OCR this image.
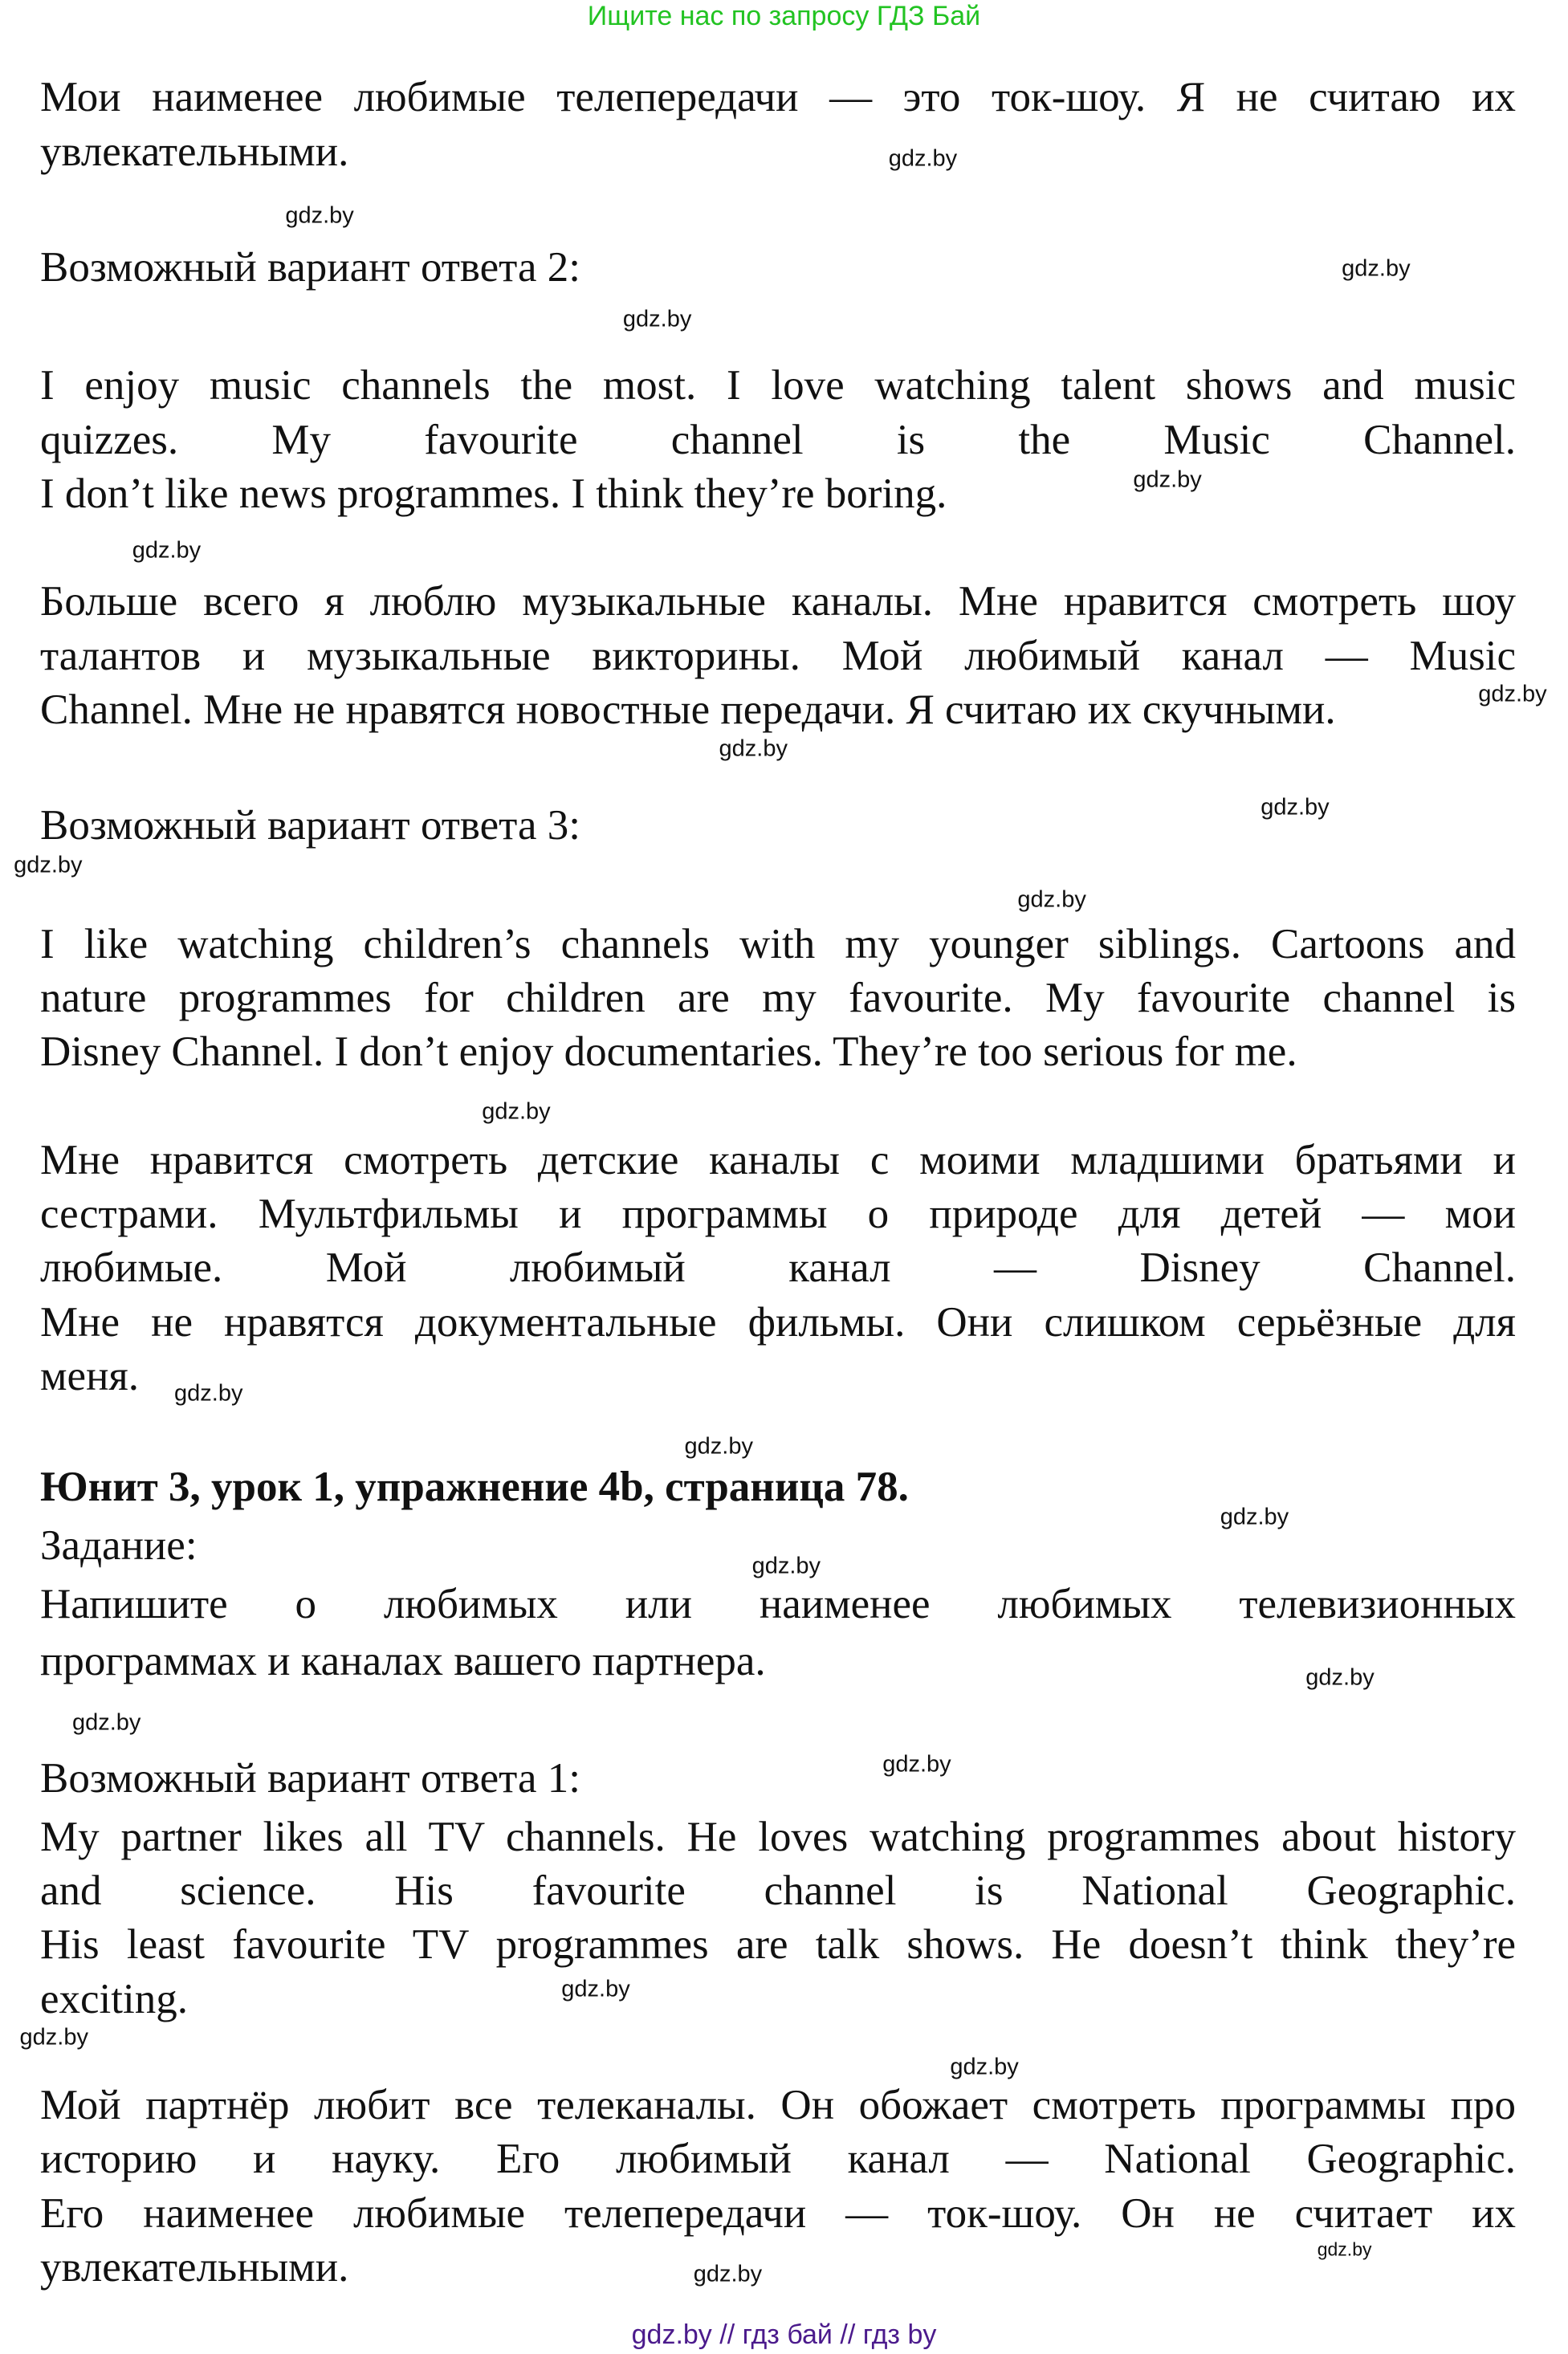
Ищите нас по запросу ГДЗ Бай
Мои наименее любимые телепередачи — это ток-шоу. Я не считаю их
увлекательными.
Возможный вариант ответа 2:
I enjoy music channels the most. I love watching talent shows and music
quizzes. My favourite channel is the Music Channel.
I don’t like news programmes. I think they’re boring.
Больше всего я люблю музыкальные каналы. Мне нравится смотреть шоу
талантов и музыкальные викторины. Мой любимый канал — Music
Channel. Мне не нравятся новостные передачи. Я считаю их скучными.
Возможный вариант ответа 3:
I like watching children’s channels with my younger siblings. Cartoons and
nature programmes for children are my favourite. My favourite channel is
Disney Channel. I don’t enjoy documentaries. They’re too serious for me.
Мне нравится смотреть детские каналы с моими младшими братьями и
сестрами. Мультфильмы и программы о природе для детей — мои
любимые. Мой любимый канал — Disney Channel.
Мне не нравятся документальные фильмы. Они слишком серьёзные для
меня.
Юнит 3, урок 1, упражнение 4b, страница 78.
Задание:
Напишите о любимых или наименее любимых телевизионных
программах и каналах вашего партнера.
Возможный вариант ответа 1:
My partner likes all TV channels. He loves watching programmes about history
and science. His favourite channel is National Geographic.
His least favourite TV programmes are talk shows. He doesn’t think they’re
exciting.
Мой партнёр любит все телеканалы. Он обожает смотреть программы про
историю и науку. Его любимый канал — National Geographic.
Его наименее любимые телепередачи — ток-шоу. Он не считает их
увлекательными.
gdz.by
gdz.by
gdz.by
gdz.by
gdz.by
gdz.by
gdz.by
gdz.by
gdz.by
gdz.by
gdz.by
gdz.by
gdz.by
gdz.by
gdz.by
gdz.by
gdz.by
gdz.by
gdz.by
gdz.by
gdz.by
gdz.by
gdz.by
gdz.by
gdz.by // гдз бай // гдз by
